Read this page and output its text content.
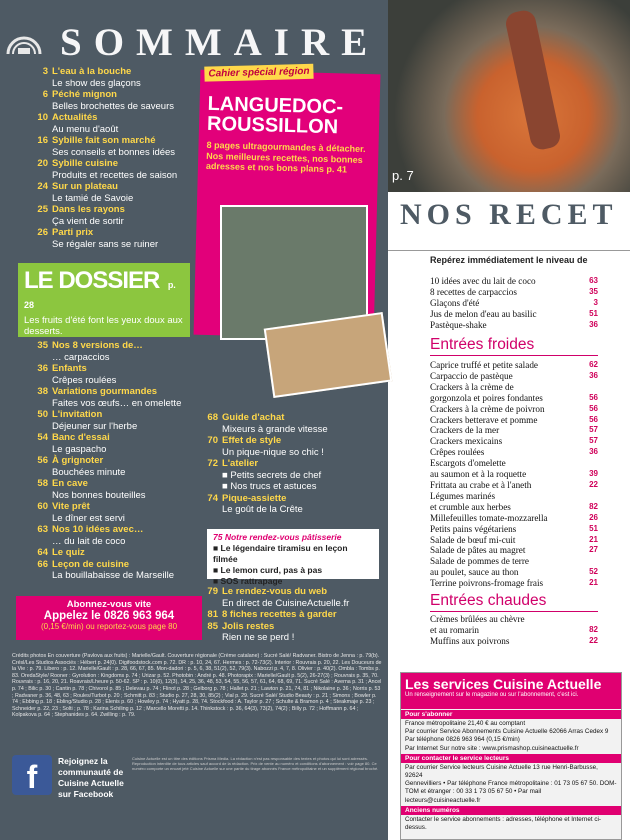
SOMMAIRE
3 L'eau à la bouche
Le show des glaçons
6 Péché mignon
Belles brochettes de saveurs
10 Actualités
Au menu d'août
16 Sybille fait son marché
Ses conseils et bonnes idées
20 Sybille cuisine
Produits et recettes de saison
24 Sur un plateau
Le tamié de Savoie
25 Dans les rayons
Ça vient de sortir
26 Parti prix
Se régaler sans se ruiner
LE DOSSIER p. 28
Les fruits d'été font les yeux doux aux desserts.
Cahier spécial région
LANGUEDOC-ROUSSILLON
8 pages ultragourmandes à détacher. Nos meilleures recettes, nos bonnes adresses et nos bons plans p. 41
35 Nos 8 versions de…
… carpaccios
36 Enfants
Crêpes roulées
38 Variations gourmandes
Faites vos œufs… en omelette
50 L'invitation
Déjeuner sur l'herbe
54 Banc d'essai
Le gaspacho
56 À grignoter
Bouchées minute
58 En cave
Nos bonnes bouteilles
60 Vite prêt
Le dîner est servi
63 Nos 10 idées avec…
… du lait de coco
64 Le quiz
66 Leçon de cuisine
La bouillabaisse de Marseille
68 Guide d'achat
Mixeurs à grande vitesse
70 Effet de style
Un pique-nique so chic !
72 L'atelier
■ Petits secrets de chef
■ Nos trucs et astuces
74 Pique-assiette
Le goût de la Crête
75 Notre rendez-vous pâtisserie
■ Le légendaire tiramisu en leçon filmée
■ Le lemon curd, pas à pas
■ SOS rattrapage
79 Le rendez-vous du web
En direct de CuisineActuelle.fr
81 8 fiches recettes à garder
85 Jolis restes
Rien ne se perd !
Abonnez-vous vite
Appelez le 0826 963 964
(0,15 €/min) ou reportez-vous page 80
Crédits photos En couverture (Pavlova aux fruits) : Marielle/Gault. Couverture régionale (Crème catalane) : Sucré Salé/ Radvaner. Bistro de Jenna : p. 79(b). Crésl/Les Studios Associés : Hébert p. 24(0). Digifoodstock.com p. 72. DR : p. 10, 24, 67. Hermes : p. 72-73(2). Interior : Rouvrais p. 20, 22. Les Douceurs de la Vie : p. 79. Libero : p. 12. Marielle/Gault : p. 28, 66, 67, 85. Mon-dadori : p. 5, 6, 38, 51(2), 52, 79(3). Nabozzi p. 4, 7, 8. Olivier : p. 40(2). Ombla : Tombs p. 83. OredaStyle/ Rooner : Gyrolution : Kingdoms p. 74 ; Urizar p. 52. Photobin : André p. 48. Photorapix : Marielle/Gault p. 5(2), 26-27(3) ; Rouvrais p. 35, 70. Rouvrais : p. 16, 20, 21. Roavrais/Lheure p. 50-62. SP : p. 10(0), 12(3), 14, 25, 36, 48, 53, 54, 55, 56, 57, 61, 64, 68, 69, 71. Sucré Salé : Averna p. 31 ; Ancel p. 74 ; Bilic p. 30 ; Cantin p. 78 ; Chivorol p. 85 ; Delevau p. 74 ; Flinot p. 28 ; Gelborg p. 78 ; Hallet p. 21 ; Lawton p. 21, 74, 81 ; Nikolaine p. 36 ; Norris p. 53 ; Radvaner p. 36, 48, 63 ; Roules/Turbot p. 20 ; Schmitt p. 83 ; Studio p. 27, 28, 30, 85(2) ; Vial p. 29. Sucré Salé/ Studio Beauty : p. 21 ; Simons ; Bowler p. 74 ; Ebbing p. 18 ; Ebling/Studio p. 28 ; Elenis p. 60 ; Howley p. 74 ; Hyatt p. 28, 74. Stockfood : A. Taylor p. 27 ; Schulte & Bramon p. 4 ; Steakmaje p. 23 ; Schneider p. 22, 23 ; Solti ; p. 78 ; Karina Schiling p. 12 ; Marcello Moretti p. 14. Thinkstock : p. 36, 64(3), 73(2), 74(2) ; Billy p. 72 ; Hoffmann p. 64 ; Kolpakova p. 64 ; Stephanides p. 64. Zwilling : p. 79.
f	Rejoignez la communauté de Cuisine Actuelle sur Facebook
Cuisine Actuelle est un titre des éditions Prisma Media. La rédaction n'est pas responsable des textes et photos qui lui sont adressés. Reproduction interdite de tous articles sauf accord de la rédaction. Prix de vente au numéro et conditions d'abonnement : voir page 80. Ce numéro comporte un encart jeté Cuisine Actuelle sur une partie du tirage abonnés France métropolitaine et un supplément régional broché.
p. 7
NOS RECET
Repérez immédiatement le niveau de
10 idées avec du lait de coco	63
8 recettes de carpaccios	35
Glaçons d'été	3
Jus de melon d'eau au basilic	51
Pastèque-shake	36
Entrées froides
Caprice truffé et petite salade	62
Carpaccio de pastèque	36
Crackers à la crème de
gorgonzola et poires fondantes	56
Crackers à la crème de poivron	56
Crackers betterave et pomme	56
Crackers de la mer	57
Crackers mexicains	57
Crêpes roulées	36
Escargots d'omelette
au saumon et à la roquette	39
Frittata au crabe et à l'aneth	22
Légumes marinés
et crumble aux herbes	82
Millefeuilles tomate-mozzarella	26
Petits pains végétariens	51
Salade de bœuf mi-cuit	21
Salade de pâtes au magret	27
Salade de pommes de terre
au poulet, sauce au thon	52
Terrine poivrons-fromage frais	21
Entrées chaudes
Crèmes brûlées au chèvre
et au romarin	82
Muffins aux poivrons	22
Les services Cuisine Actuelle
Un renseignement sur le magazine ou sur l'abonnement, c'est ici.
Pour s'abonner
France métropolitaine 21,40 € au comptant
Par courrier Service Abonnements Cuisine Actuelle 62066 Arras Cedex 9
Par téléphone 0826 963 964 (0,15 €/min)
Par Internet Sur notre site : www.prismashop.cuisineactuelle.fr
Pour contacter le service lecteurs
Par courrier Service lecteurs Cuisine Actuelle 13 rue Henri-Barbusse, 92624
Gennevilliers • Par téléphone France métropolitaine : 01 73 05 67 50. DOM-
TOM et étranger : 00 33 1 73 05 67 50 • Par mail lecteurs@cuisineactuelle.fr
Anciens numéros
Contacter le service abonnements : adresses, téléphone et Internet ci-dessus.
